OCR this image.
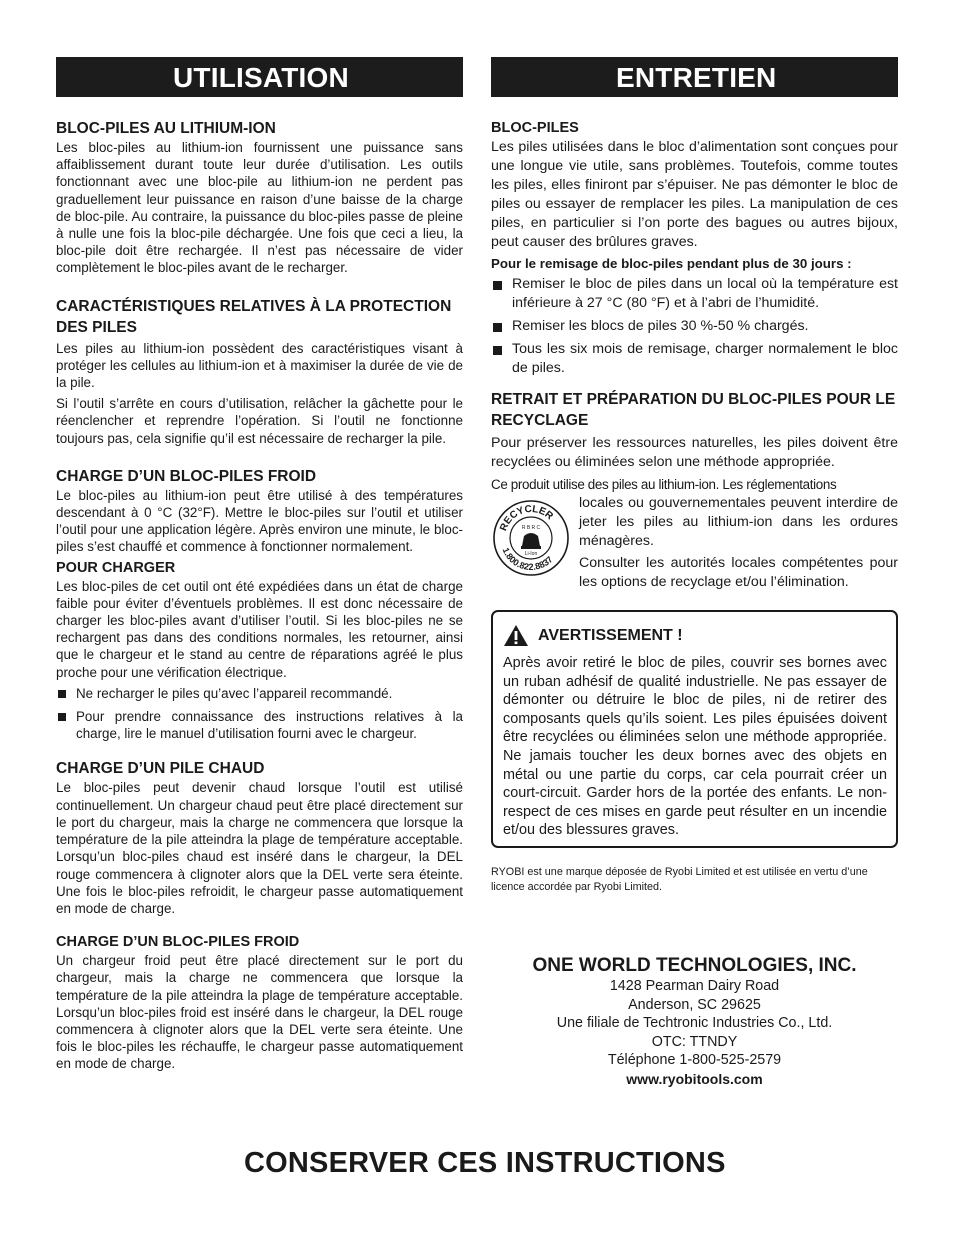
UTILISATION
BLOC-PILES AU LITHIUM-ION

Les bloc-piles au lithium-ion fournissent une puissance sans affaiblissement durant toute leur durée d’utilisation. Les outils fonctionnant avec une bloc-pile au lithium-ion ne perdent pas graduellement leur puissance en raison d’une baisse de la charge de bloc-pile. Au contraire, la puissance du bloc-piles passe de pleine à nulle une fois la bloc-pile déchargée. Une fois que ceci a lieu, la bloc-pile doit être rechargée. Il n’est pas nécessaire de vider complètement le bloc-piles avant de le recharger.

CARACTÉRISTIQUES RELATIVES À LA PROTECTION DES PILES

Les piles au lithium-ion possèdent des caractéristiques visant à protéger les cellules au lithium-ion et à maximiser la durée de vie de la pile.

Si l’outil s’arrête en cours d’utilisation, relâcher la gâchette pour le réenclencher et reprendre l’opération. Si l’outil ne fonctionne toujours pas, cela signifie qu’il est nécessaire de recharger la pile.

CHARGE D’UN BLOC-PILES FROID

Le bloc-piles au lithium-ion peut être utilisé à des températures descendant à 0 °C (32°F). Mettre le bloc-piles sur l’outil et utiliser l’outil pour une application légère. Après environ une minute, le bloc-piles s’est chauffé et commence à fonctionner normalement.

POUR CHARGER

Les bloc-piles de cet outil ont été expédiées dans un état de charge faible pour éviter d’éventuels problèmes. Il est donc nécessaire de charger les bloc-piles avant d’utiliser l’outil. Si les bloc-piles ne se rechargent pas dans des conditions normales, les retourner, ainsi que le chargeur et le stand au centre de réparations agréé le plus proche pour une vérification électrique.

Ne recharger le piles qu’avec l’appareil recommandé.
Pour prendre connaissance des instructions relatives à la charge, lire le manuel d’utilisation fourni avec le chargeur.
CHARGE D’UN PILE CHAUD

Le bloc-piles peut devenir chaud lorsque l’outil est utilisé continuellement. Un chargeur chaud peut être placé directement sur le port du chargeur, mais la charge ne commencera que lorsque la température de la pile atteindra la plage de température acceptable. Lorsqu’un bloc-piles chaud est inséré dans le chargeur, la DEL rouge commencera à clignoter alors que la DEL verte sera éteinte. Une fois le bloc-piles refroidit, le chargeur passe automatiquement en mode de charge.

CHARGE D’UN BLOC-PILES FROID

Un chargeur froid peut être placé directement sur le port du chargeur, mais la charge ne commencera que lorsque la température de la pile atteindra la plage de température acceptable. Lorsqu’un bloc-piles froid est inséré dans le chargeur, la DEL rouge commencera à clignoter alors que la DEL verte sera éteinte. Une fois le bloc-piles les réchauffe, le chargeur passe automatiquement en mode de charge.

ENTRETIEN
BLOC-PILES

Les piles utilisées dans le bloc d’alimentation sont conçues pour une longue vie utile, sans problèmes. Toutefois, comme toutes les piles, elles finiront par s’épuiser. Ne pas démonter le bloc de piles ou essayer de remplacer les piles. La manipulation de ces piles, en particulier si l’on porte des bagues ou autres bijoux, peut causer des brûlures graves.

Pour le remisage de bloc-piles pendant plus de 30 jours :

Remiser le bloc de piles dans un local où la température est inférieure à 27 °C (80 °F) et à l’abri de l’humidité.
Remiser les blocs de piles 30 %-50 % chargés.
Tous les six mois de remisage, charger normalement le bloc de piles.
RETRAIT ET PRÉPARATION DU BLOC-PILES POUR LE RECYCLAGE

Pour préserver les ressources naturelles, les piles doivent être recyclées ou éliminées selon une méthode appropriée.

Ce produit utilise des piles au lithium-ion. Les réglementations

RECYCLER
1.800.822.8837
R B R C
Li-Ion

locales ou gouvernementales peuvent interdire de jeter les piles au lithium-ion dans les ordures ménagères.

Consulter les autorités locales compétentes pour les options de recyclage et/ou l’élimination.

AVERTISSEMENT !

Après avoir retiré le bloc de piles, couvrir ses bornes avec un ruban adhésif de qualité industrielle. Ne pas essayer de démonter ou détruire le bloc de piles, ni de retirer des composants quels qu’ils soient. Les piles épuisées doivent être recyclées ou éliminées selon une méthode appropriée. Ne jamais toucher les deux bornes avec des objets en métal ou une partie du corps, car cela pourrait créer un court-circuit. Garder hors de la portée des enfants. Le non-respect de ces mises en garde peut résulter en un incendie et/ou des blessures graves.

RYOBI est une marque déposée de Ryobi Limited et est utilisée en vertu d’une licence accordée par Ryobi Limited.

ONE WORLD TECHNOLOGIES, INC.
1428 Pearman Dairy Road
Anderson, SC 29625
Une filiale de Techtronic Industries Co., Ltd.
OTC: TTNDY
Téléphone 1-800-525-2579
www.ryobitools.com
CONSERVER CES INSTRUCTIONS
